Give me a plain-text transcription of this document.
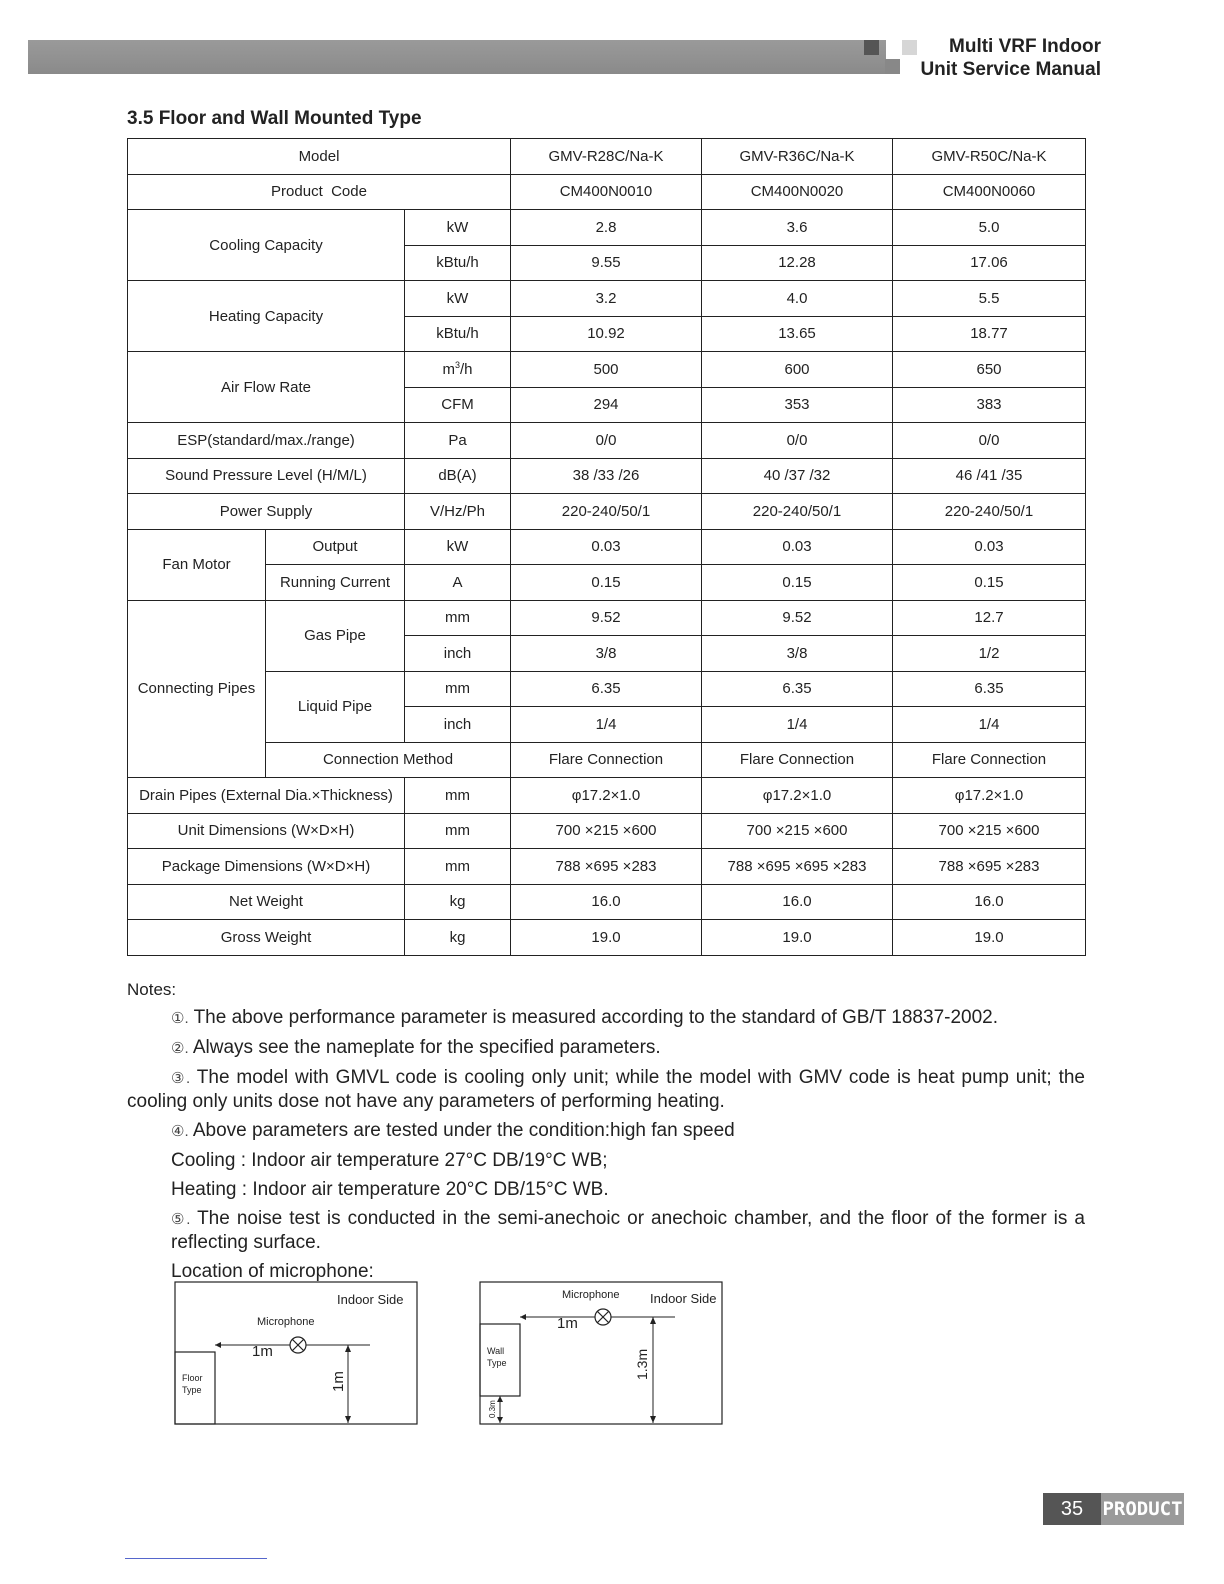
Multi VRF Indoor
Unit Service Manual
3.5 Floor and Wall Mounted Type
Model			GMV-R28C/Na-K	GMV-R36C/Na-K	GMV-R50C/Na-K
Product  Code			CM400N0010	CM400N0020	CM400N0060
Cooling Capacity		kW	2.8	3.6	5.0
		kBtu/h	9.55	12.28	17.06
Heating Capacity		kW	3.2	4.0	5.5
		kBtu/h	10.92	13.65	18.77
Air Flow Rate		$m^3/h$	500	600	650
		CFM	294	353	383
ESP(standard/max./range)		Pa	0/0	0/0	0/0
Sound Pressure Level (H/M/L)		dB(A)	38 /33 /26	40 /37 /32	46 /41 /35
Power Supply		V/Hz/Ph	220-240/50/1	220-240/50/1	220-240/50/1
Fan Motor	Output	kW	0.03	0.03	0.03
	Running Current	A	0.15	0.15	0.15
Connecting Pipes	Gas Pipe	mm	9.52	9.52	12.7
		inch	3/8	3/8	1/2
	Liquid Pipe	mm	6.35	6.35	6.35
		inch	1/4	1/4	1/4
	Connection Method		Flare Connection	Flare Connection	Flare Connection
Drain Pipes (External Dia.×Thickness)		mm	φ17.2×1.0	φ17.2×1.0	φ17.2×1.0
Unit Dimensions (W×D×H)		mm	700 ×215 ×600	700 ×215 ×600	700 ×215 ×600
Package Dimensions (W×D×H)		mm	788 ×695 ×283	788 ×695 ×695 ×283	788 ×695 ×283
Net Weight		kg	16.0	16.0	16.0
Gross Weight		kg	19.0	19.0	19.0
Notes:

①. The above performance parameter is measured according to the standard of GB/T 18837-2002.

②. Always see the nameplate for the specified parameters.

③. The model with GMVL code is cooling only unit; while the model with GMV code is heat pump unit; the cooling only units dose not have any parameters of performing heating.

④. Above parameters are tested under the condition:high fan speed

Cooling : Indoor air temperature 27°C DB/19°C WB;

Heating : Indoor air temperature 20°C DB/15°C WB.

⑤. The noise test is conducted in the semi-anechoic or anechoic chamber, and the floor of the former is a reflecting surface.

Location of microphone:

Floor
Type
Indoor Side
Microphone
1m
1m
Wall
Type
Indoor Side
Microphone
1m
1.3m
0.3m
35	PRODUCT
